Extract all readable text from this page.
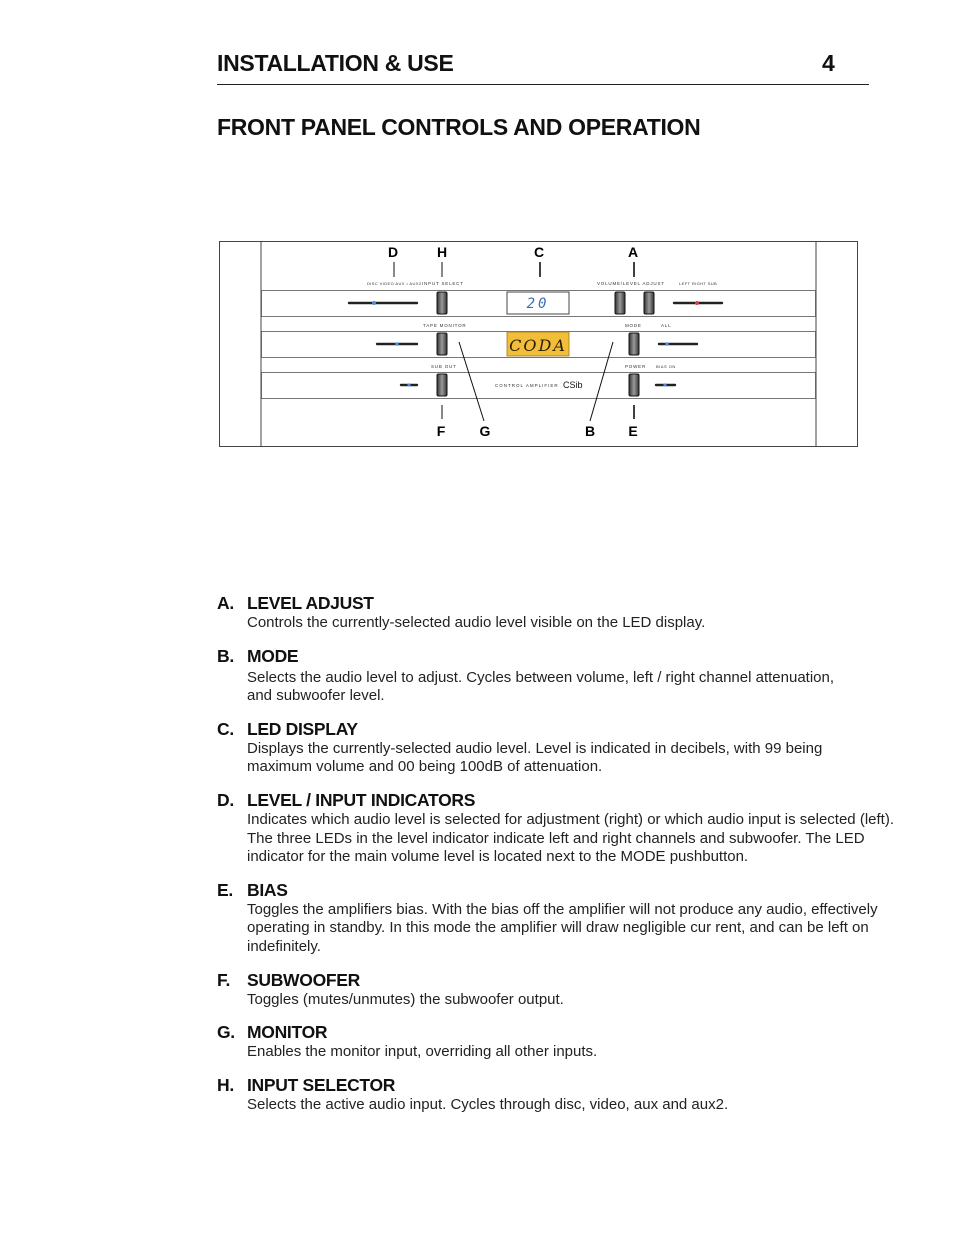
INSTALLATION & USE	4
FRONT PANEL CONTROLS AND OPERATION
D	H	C	A
DISC VIDEO AUX • AUX2 INPUT SELECT	VOLUME/LEVEL ADJUST	LEFT RIGHT SUB
20
TAPE MONITOR	MODE	ALL
CODA
SUB OUT	POWER BIAS ON
CONTROL AMPLIFIER CSib
F G	B E
A. LEVEL ADJUST
Controls the currently-selected audio level visible on the LED display.
B. MODE
Selects the audio level to adjust. Cycles between volume, left / right channel attenuation, and subwoofer level.
C. LED DISPLAY
Displays the currently-selected audio level. Level is indicated in decibels, with 99 being maximum volume and 00 being 100dB of attenuation.
D. LEVEL / INPUT INDICATORS
Indicates which audio level is selected for adjustment (right) or which audio input is selected (left). The three LEDs in the level indicator indicate left and right channels and subwoofer. The LED indicator for the main volume level is located next to the MODE pushbutton.
E. BIAS
Toggles the amplifiers bias. With the bias off the amplifier will not produce any audio, effectively operating in standby. In this mode the amplifier will draw negligible cur rent, and can be left on indefinitely.
F. SUBWOOFER
Toggles (mutes/unmutes) the subwoofer output.
G. MONITOR
Enables the monitor input, overriding all other inputs.
H. INPUT SELECTOR
Selects the active audio input. Cycles through disc, video, aux and aux2.
